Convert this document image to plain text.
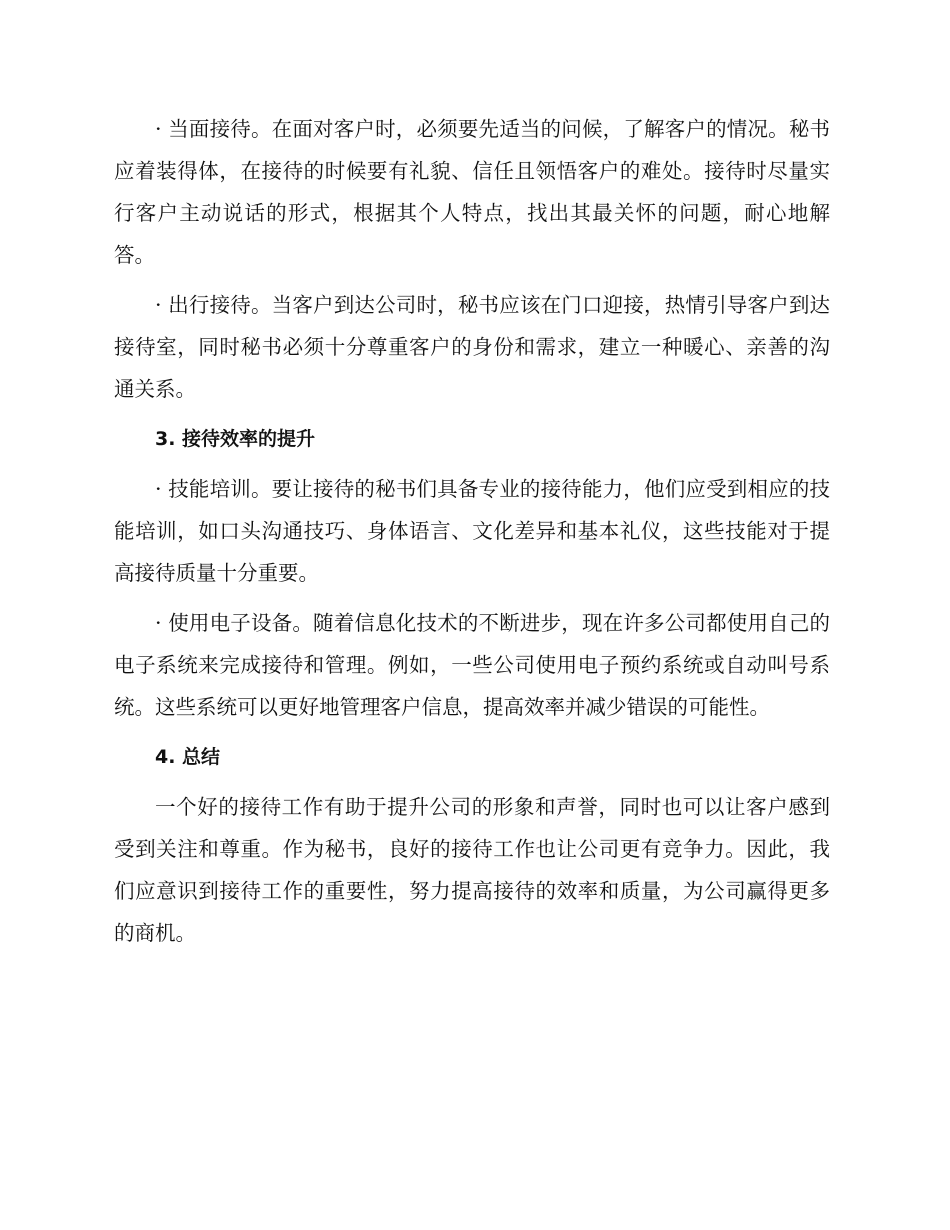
· 当面接待。在面对客户时，必须要先适当的问候，了解客户的情况。秘书应着装得体，在接待的时候要有礼貌、信任且领悟客户的难处。接待时尽量实行客户主动说话的形式，根据其个人特点，找出其最关怀的问题，耐心地解答。

· 出行接待。当客户到达公司时，秘书应该在门口迎接，热情引导客户到达接待室，同时秘书必须十分尊重客户的身份和需求，建立一种暖心、亲善的沟通关系。

3. 接待效率的提升

· 技能培训。要让接待的秘书们具备专业的接待能力，他们应受到相应的技能培训，如口头沟通技巧、身体语言、文化差异和基本礼仪，这些技能对于提高接待质量十分重要。

· 使用电子设备。随着信息化技术的不断进步，现在许多公司都使用自己的电子系统来完成接待和管理。例如，一些公司使用电子预约系统或自动叫号系统。这些系统可以更好地管理客户信息，提高效率并减少错误的可能性。

4. 总结

一个好的接待工作有助于提升公司的形象和声誉，同时也可以让客户感到受到关注和尊重。作为秘书，良好的接待工作也让公司更有竞争力。因此，我们应意识到接待工作的重要性，努力提高接待的效率和质量，为公司赢得更多的商机。
